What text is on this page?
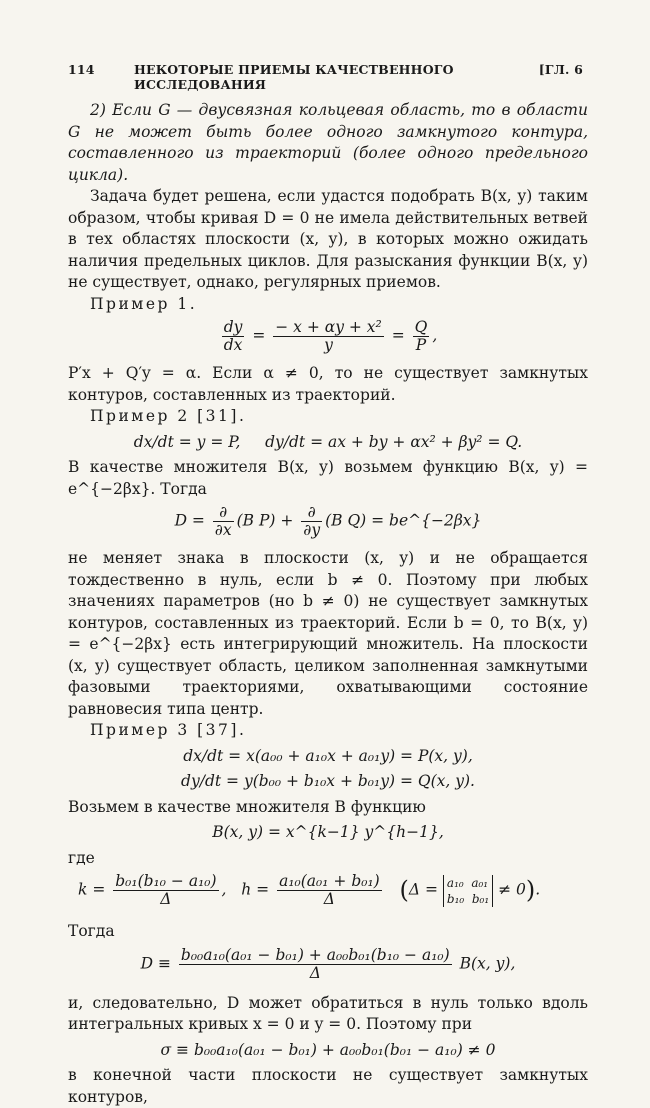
114	НЕКОТОРЫЕ ПРИЕМЫ КАЧЕСТВЕННОГО ИССЛЕДОВАНИЯ
[ГЛ. 6

2) Если G — двусвязная кольцевая область, то в области G не может быть более одного замкнутого контура, составленного из траекторий (более одного предельного цикла).

Задача будет решена, если удастся подобрать B(x, y) таким образом, чтобы кривая D = 0 не имела действительных ветвей в тех областях плоскости (x, y), в которых можно ожидать наличия предельных циклов. Для разыскания функции B(x, y) не существует, однако, регулярных приемов.

Пример 1.

$\frac{dy}{dx} = \frac{\text{− x + αy + x²}}{y} = \frac{Q}{P}$ ,

P′x + Q′y = α. Если α ≠ 0, то не существует замкнутых контуров, составленных из траекторий.

Пример 2 [31].

dx/dt = y = P,     dy/dt = ax + by + αx² + βy² = Q.

В качестве множителя B(x, y) возьмем функцию B(x, y) = e^{−2βx}. Тогда

$D = \frac{\partial}{\partial x} (B$ $P) + \frac{\partial}{\partial y} (B$ Q) = be^{−2βx}

не меняет знака в плоскости (x, y) и не обращается тождественно в нуль, если b ≠ 0. Поэтому при любых значениях параметров (но b ≠ 0) не существует замкнутых контуров, составленных из траекторий. Если b = 0, то B(x, y) = e^{−2βx} есть интегрирующий множитель. На плоскости (x, y) существует область, целиком заполненная замкнутыми фазовыми траекториями, охватывающими состояние равновесия типа центр.

Пример 3 [37].

dx/dt = x(a₀₀ + a₁₀x + a₀₁y) = P(x, y),

dy/dt = y(b₀₀ + b₁₀x + b₀₁y) = Q(x, y).

Возьмем в качестве множителя B функцию

B(x, y) = x^{k−1} y^{h−1},

где

$k = \frac{\text{b₀₁(b₁₀ − a₁₀)}}{\Delta}$ ,   $h = \frac{\text{a₁₀(a₀₁ + b₀₁)}}{\Delta} (\Delta = a_{10}$ a₀₁
b₁₀ b₀₁ ≠ 0).

Тогда

$D \equiv \frac{\text{b₀₀a₁₀(a₀₁ − b₀₁) + a₀₀b₀₁(b₁₀ − a₁₀)}}{\Delta} B(x$, y),

и, следовательно, D может обратиться в нуль только вдоль интегральных кривых x = 0 и y = 0. Поэтому при

σ ≡ b₀₀a₁₀(a₀₁ − b₀₁) + a₀₀b₀₁(b₀₁ − a₁₀) ≠ 0

в конечной части плоскости не существует замкнутых контуров,
